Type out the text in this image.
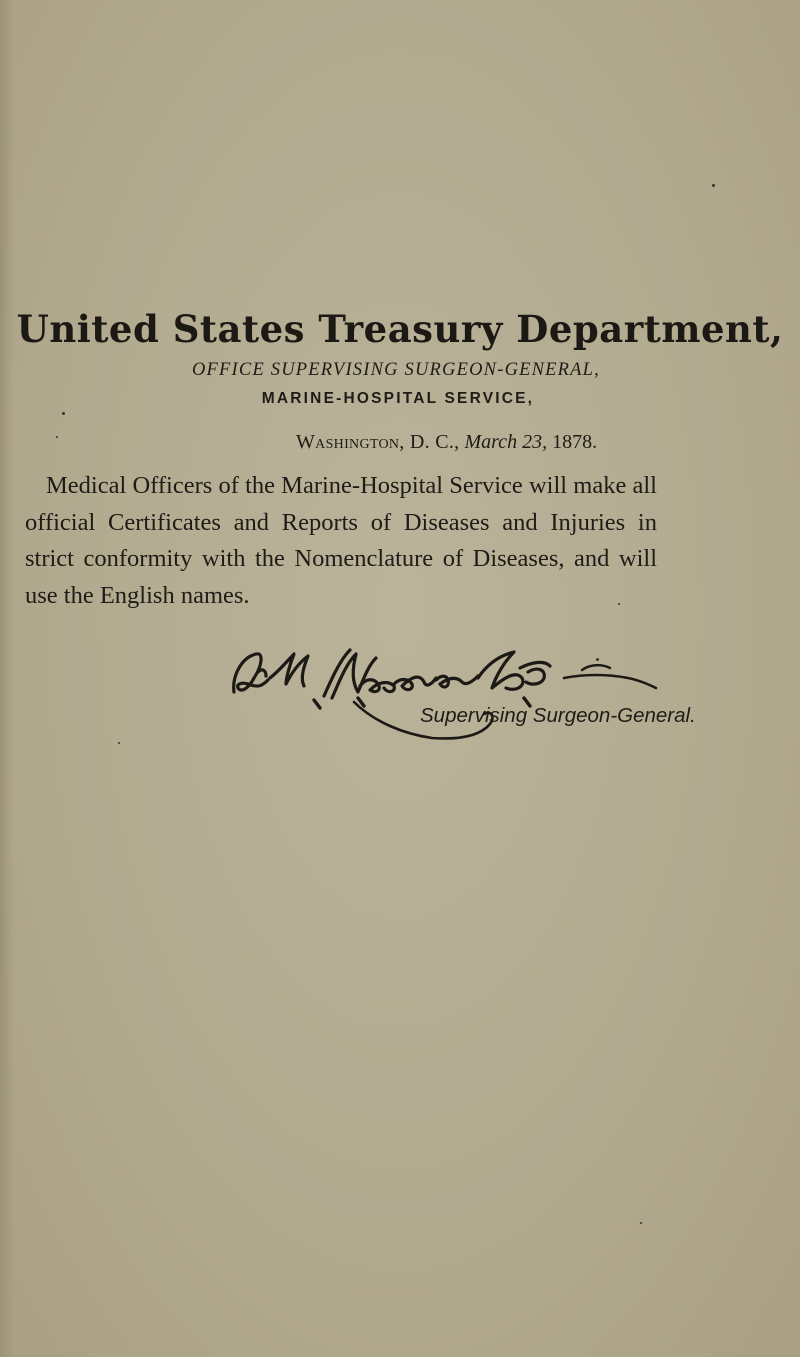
United States Treasury Department,
OFFICE SUPERVISING SURGEON-GENERAL,
MARINE-HOSPITAL SERVICE,
Washington, D. C., March 23, 1878.

Medical Officers of the Marine-Hospital Service will make all official Certificates and Reports of Diseases and Injuries in strict conformity with the Nomenclature of Diseases, and will use the English names.

Supervising Surgeon-General.
